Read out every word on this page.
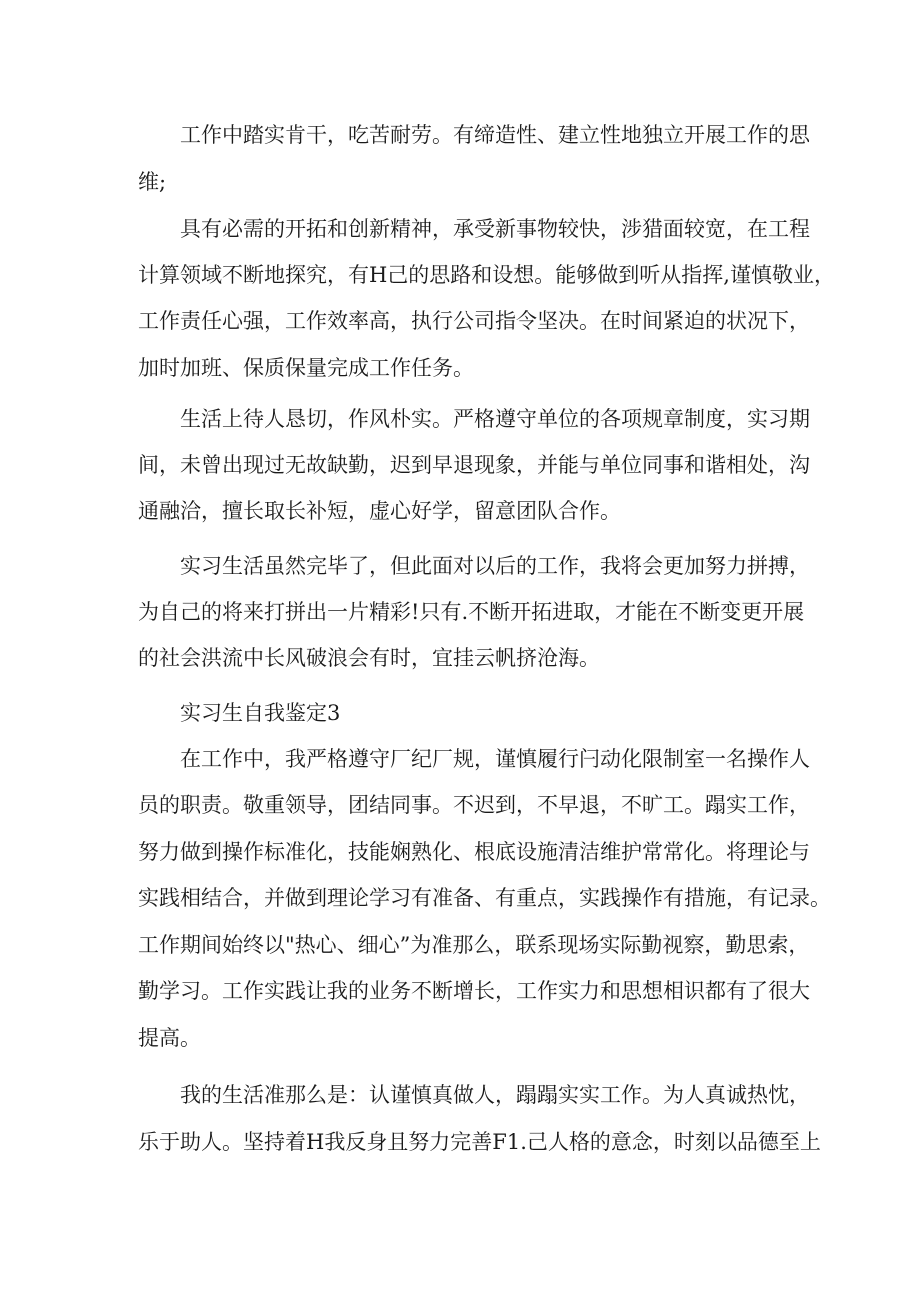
工作中踏实肯干，吃苦耐劳。有缔造性、建立性地独立开展工作的思
维;
具有必需的开拓和创新精神，承受新事物较快，涉猎面较宽，在工程
计算领域不断地探究，有H己的思路和设想。能够做到听从指挥,谨慎敬业，
工作责任心强，工作效率高，执行公司指令坚决。在时间紧迫的状况下，
加时加班、保质保量完成工作任务。
生活上待人恳切，作风朴实。严格遵守单位的各项规章制度，实习期
间，未曾出现过无故缺勤，迟到早退现象，并能与单位同事和谐相处，沟
通融洽，擅长取长补短，虚心好学，留意团队合作。
实习生活虽然完毕了，但此面对以后的工作，我将会更加努力拼搏，
为自己的将来打拼出一片精彩!只有.不断开拓进取，才能在不断变更开展
的社会洪流中长风破浪会有时，宜挂云帆挤沧海。
实习生自我鉴定3
在工作中，我严格遵守厂纪厂规，谨慎履行闩动化限制室一名操作人
员的职责。敬重领导，团结同事。不迟到，不早退，不旷工。蹋实工作，
努力做到操作标准化，技能娴熟化、根底设施清洁维护常常化。将理论与
实践相结合，并做到理论学习有准备、有重点，实践操作有措施，有记录。
工作期间始终以"热心、细心”为准那么，联系现场实际勤视察，勤思索，
勤学习。工作实践让我的业务不断增长，工作实力和思想相识都有了很大
提高。
我的生活准那么是：认谨慎真做人，蹋蹋实实工作。为人真诚热忱，
乐于助人。坚持着H我反身且努力完善F1.己人格的意念，时刻以品德至上
